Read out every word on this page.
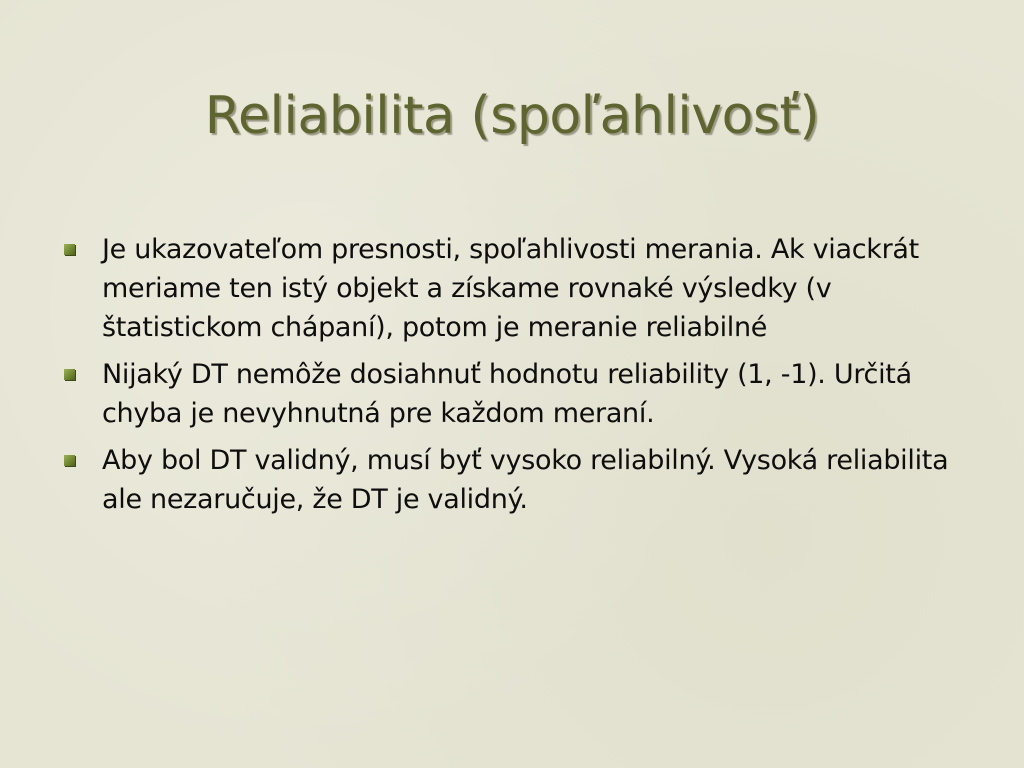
Reliabilita (spoľahlivosť)
Je ukazovateľom presnosti, spoľahlivosti merania. Ak viackrát meriame ten istý objekt a získame rovnaké výsledky (v štatistickom chápaní), potom je meranie reliabilné
Nijaký DT nemôže dosiahnuť hodnotu reliability (1, -1). Určitá chyba je nevyhnutná pre každom meraní.
Aby bol DT validný, musí byť vysoko reliabilný. Vysoká reliabilita ale nezaručuje, že DT je validný.
